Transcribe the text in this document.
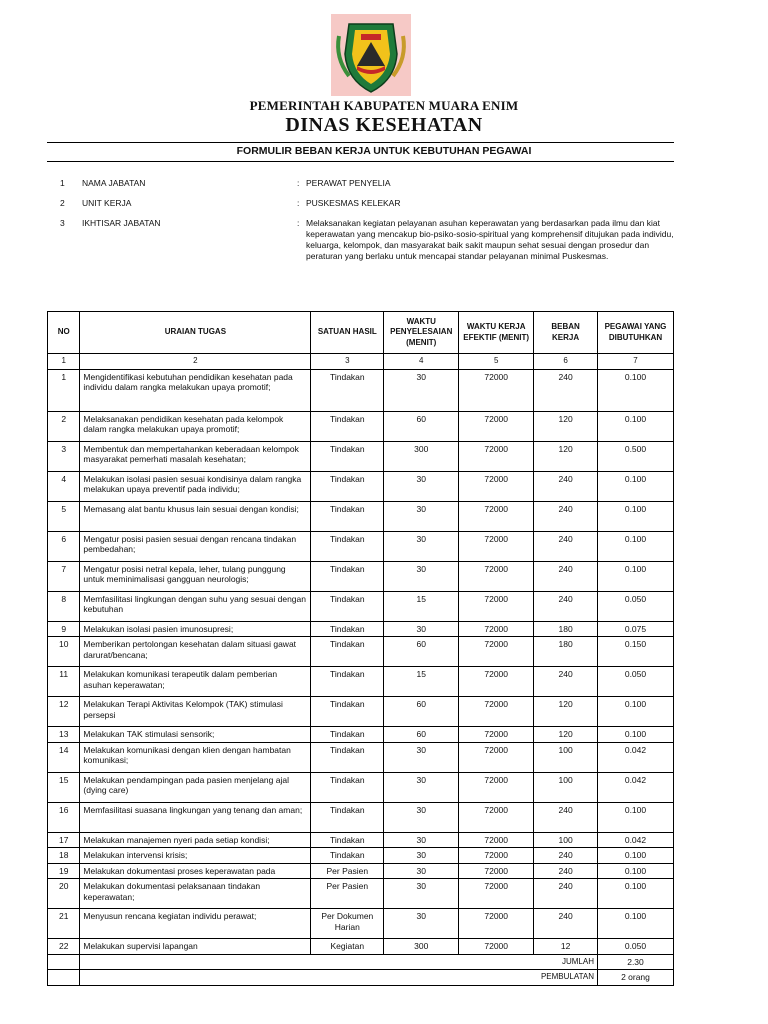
PEMERINTAH KABUPATEN MUARA ENIM
DINAS KESEHATAN
FORMULIR BEBAN KERJA UNTUK KEBUTUHAN PEGAWAI
1 NAMA JABATAN	: PERAWAT PENYELIA
2 UNIT KERJA	: PUSKESMAS KELEKAR
3 IKHTISAR JABATAN	: Melaksanakan kegiatan pelayanan asuhan keperawatan yang berdasarkan pada ilmu dan kiat keperawatan yang mencakup bio-psiko-sosio-spiritual yang komprehensif ditujukan pada individu, keluarga, kelompok, dan masyarakat baik sakit maupun sehat sesuai dengan prosedur dan peraturan yang berlaku untuk mencapai standar pelayanan minimal Puskesmas.
NO	URAIAN TUGAS	SATUAN HASIL	WAKTU PENYELESAIAN (MENIT)	WAKTU KERJA EFEKTIF (MENIT)	BEBAN KERJA	PEGAWAI YANG DIBUTUHKAN
1	2	3	4	5	6	7
1	Mengidentifikasi kebutuhan pendidikan kesehatan pada individu dalam rangka melakukan upaya promotif;	Tindakan	30	72000	240	0.100
2	Melaksanakan pendidikan kesehatan pada kelompok dalam rangka melakukan upaya promotif;	Tindakan	60	72000	120	0.100
3	Membentuk dan mempertahankan keberadaan kelompok masyarakat pemerhati masalah kesehatan;	Tindakan	300	72000	120	0.500
4	Melakukan isolasi pasien sesuai kondisinya dalam rangka melakukan upaya preventif pada individu;	Tindakan	30	72000	240	0.100
5	Memasang alat bantu khusus lain sesuai dengan kondisi;	Tindakan	30	72000	240	0.100
6	Mengatur posisi pasien sesuai dengan rencana tindakan pembedahan;	Tindakan	30	72000	240	0.100
7	Mengatur posisi netral kepala, leher, tulang punggung untuk meminimalisasi gangguan neurologis;	Tindakan	30	72000	240	0.100
8	Memfasilitasi lingkungan dengan suhu yang sesuai dengan kebutuhan	Tindakan	15	72000	240	0.050
9	Melakukan isolasi pasien imunosupresi;	Tindakan	30	72000	180	0.075
10	Memberikan pertolongan kesehatan dalam situasi gawat darurat/bencana;	Tindakan	60	72000	180	0.150
11	Melakukan komunikasi terapeutik dalam pemberian asuhan keperawatan;	Tindakan	15	72000	240	0.050
12	Melakukan Terapi Aktivitas Kelompok (TAK) stimulasi persepsi	Tindakan	60	72000	120	0.100
13	Melakukan TAK stimulasi sensorik;	Tindakan	60	72000	120	0.100
14	Melakukan komunikasi dengan klien dengan hambatan komunikasi;	Tindakan	30	72000	100	0.042
15	Melakukan pendampingan pada pasien menjelang ajal (dying care)	Tindakan	30	72000	100	0.042
16	Memfasilitasi suasana lingkungan yang tenang dan aman;	Tindakan	30	72000	240	0.100
17	Melakukan manajemen nyeri pada setiap kondisi;	Tindakan	30	72000	100	0.042
18	Melakukan intervensi krisis;	Tindakan	30	72000	240	0.100
19	Melakukan dokumentasi proses keperawatan pada	Per Pasien	30	72000	240	0.100
20	Melakukan dokumentasi pelaksanaan tindakan keperawatan;	Per Pasien	30	72000	240	0.100
21	Menyusun rencana kegiatan individu perawat;	Per Dokumen Harian	30	72000	240	0.100
22	Melakukan supervisi lapangan	Kegiatan	300	72000	12	0.050
	JUMLAH					2.30
	PEMBULATAN					2 orang
